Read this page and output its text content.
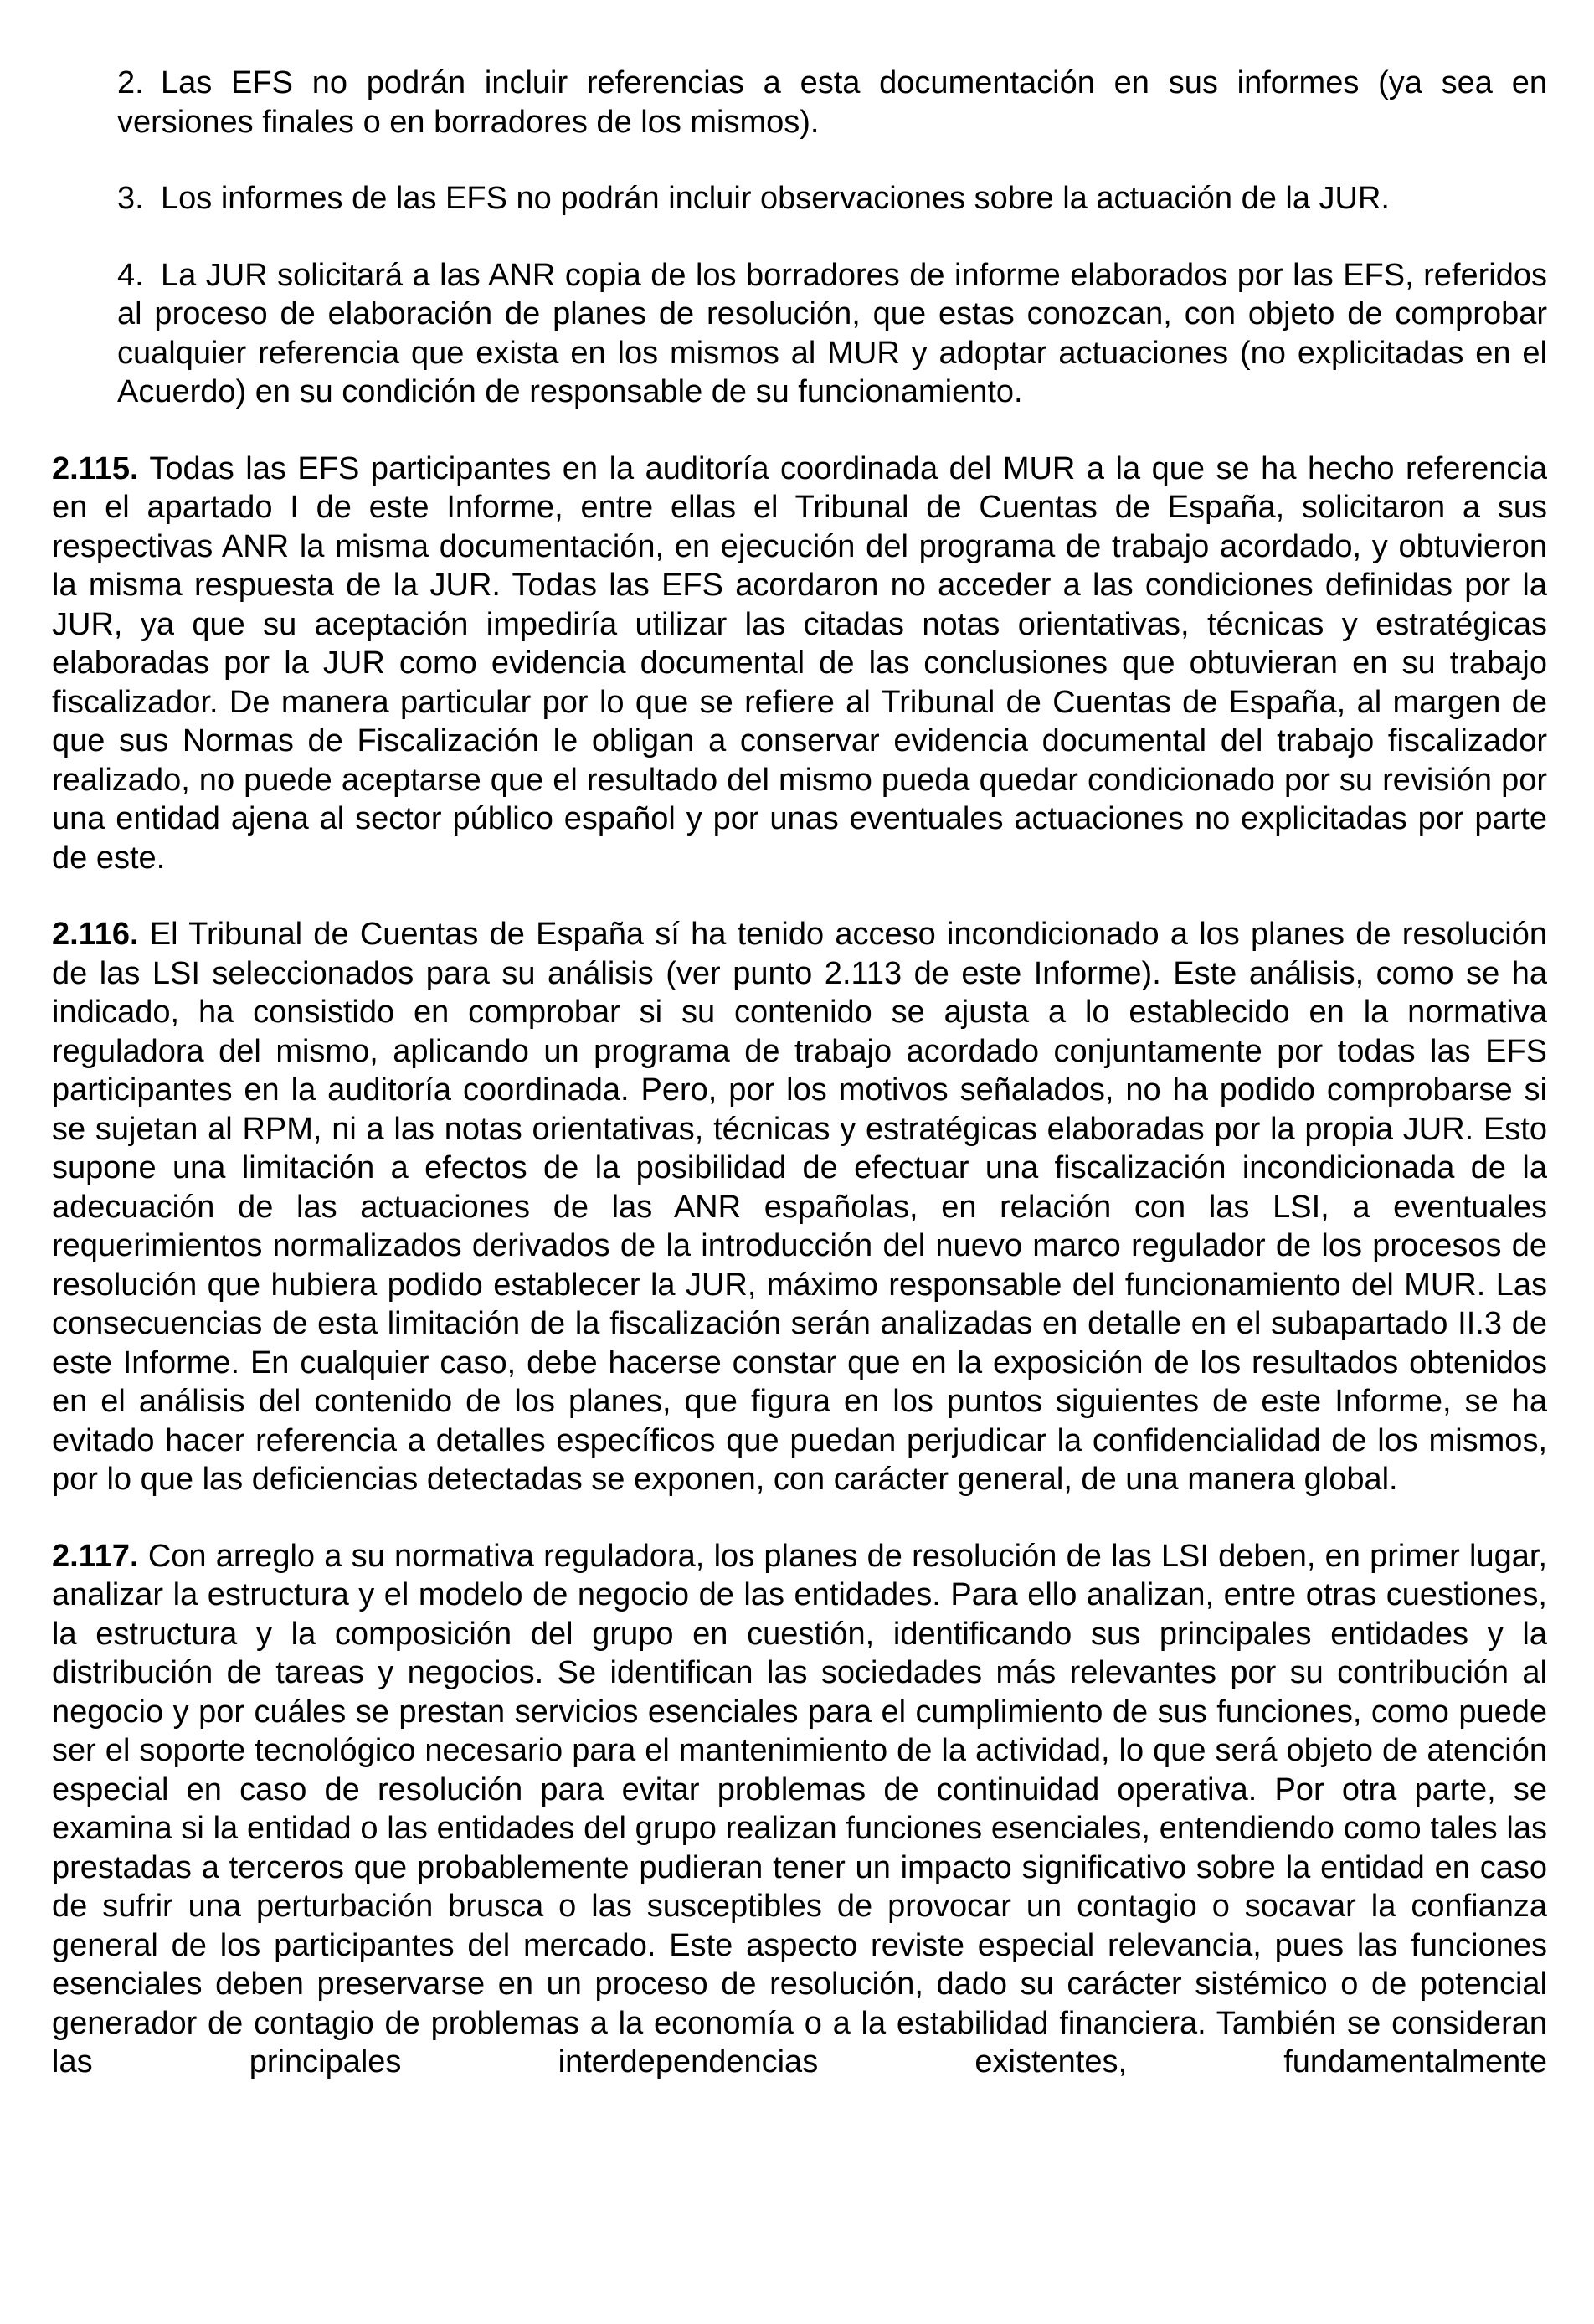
2. Las EFS no podrán incluir referencias a esta documentación en sus informes (ya sea en versiones finales o en borradores de los mismos).
3. Los informes de las EFS no podrán incluir observaciones sobre la actuación de la JUR.
4. La JUR solicitará a las ANR copia de los borradores de informe elaborados por las EFS, referidos al proceso de elaboración de planes de resolución, que estas conozcan, con objeto de comprobar cualquier referencia que exista en los mismos al MUR y adoptar actuaciones (no explicitadas en el Acuerdo) en su condición de responsable de su funcionamiento.
2.115. Todas las EFS participantes en la auditoría coordinada del MUR a la que se ha hecho referencia en el apartado I de este Informe, entre ellas el Tribunal de Cuentas de España, solicitaron a sus respectivas ANR la misma documentación, en ejecución del programa de trabajo acordado, y obtuvieron la misma respuesta de la JUR. Todas las EFS acordaron no acceder a las condiciones definidas por la JUR, ya que su aceptación impediría utilizar las citadas notas orientativas, técnicas y estratégicas elaboradas por la JUR como evidencia documental de las conclusiones que obtuvieran en su trabajo fiscalizador. De manera particular por lo que se refiere al Tribunal de Cuentas de España, al margen de que sus Normas de Fiscalización le obligan a conservar evidencia documental del trabajo fiscalizador realizado, no puede aceptarse que el resultado del mismo pueda quedar condicionado por su revisión por una entidad ajena al sector público español y por unas eventuales actuaciones no explicitadas por parte de este.
2.116. El Tribunal de Cuentas de España sí ha tenido acceso incondicionado a los planes de resolución de las LSI seleccionados para su análisis (ver punto 2.113 de este Informe). Este análisis, como se ha indicado, ha consistido en comprobar si su contenido se ajusta a lo establecido en la normativa reguladora del mismo, aplicando un programa de trabajo acordado conjuntamente por todas las EFS participantes en la auditoría coordinada. Pero, por los motivos señalados, no ha podido comprobarse si se sujetan al RPM, ni a las notas orientativas, técnicas y estratégicas elaboradas por la propia JUR. Esto supone una limitación a efectos de la posibilidad de efectuar una fiscalización incondicionada de la adecuación de las actuaciones de las ANR españolas, en relación con las LSI, a eventuales requerimientos normalizados derivados de la introducción del nuevo marco regulador de los procesos de resolución que hubiera podido establecer la JUR, máximo responsable del funcionamiento del MUR. Las consecuencias de esta limitación de la fiscalización serán analizadas en detalle en el subapartado II.3 de este Informe. En cualquier caso, debe hacerse constar que en la exposición de los resultados obtenidos en el análisis del contenido de los planes, que figura en los puntos siguientes de este Informe, se ha evitado hacer referencia a detalles específicos que puedan perjudicar la confidencialidad de los mismos, por lo que las deficiencias detectadas se exponen, con carácter general, de una manera global.
2.117. Con arreglo a su normativa reguladora, los planes de resolución de las LSI deben, en primer lugar, analizar la estructura y el modelo de negocio de las entidades. Para ello analizan, entre otras cuestiones, la estructura y la composición del grupo en cuestión, identificando sus principales entidades y la distribución de tareas y negocios. Se identifican las sociedades más relevantes por su contribución al negocio y por cuáles se prestan servicios esenciales para el cumplimiento de sus funciones, como puede ser el soporte tecnológico necesario para el mantenimiento de la actividad, lo que será objeto de atención especial en caso de resolución para evitar problemas de continuidad operativa. Por otra parte, se examina si la entidad o las entidades del grupo realizan funciones esenciales, entendiendo como tales las prestadas a terceros que probablemente pudieran tener un impacto significativo sobre la entidad en caso de sufrir una perturbación brusca o las susceptibles de provocar un contagio o socavar la confianza general de los participantes del mercado. Este aspecto reviste especial relevancia, pues las funciones esenciales deben preservarse en un proceso de resolución, dado su carácter sistémico o de potencial generador de contagio de problemas a la economía o a la estabilidad financiera. También se consideran las principales interdependencias existentes, fundamentalmente
